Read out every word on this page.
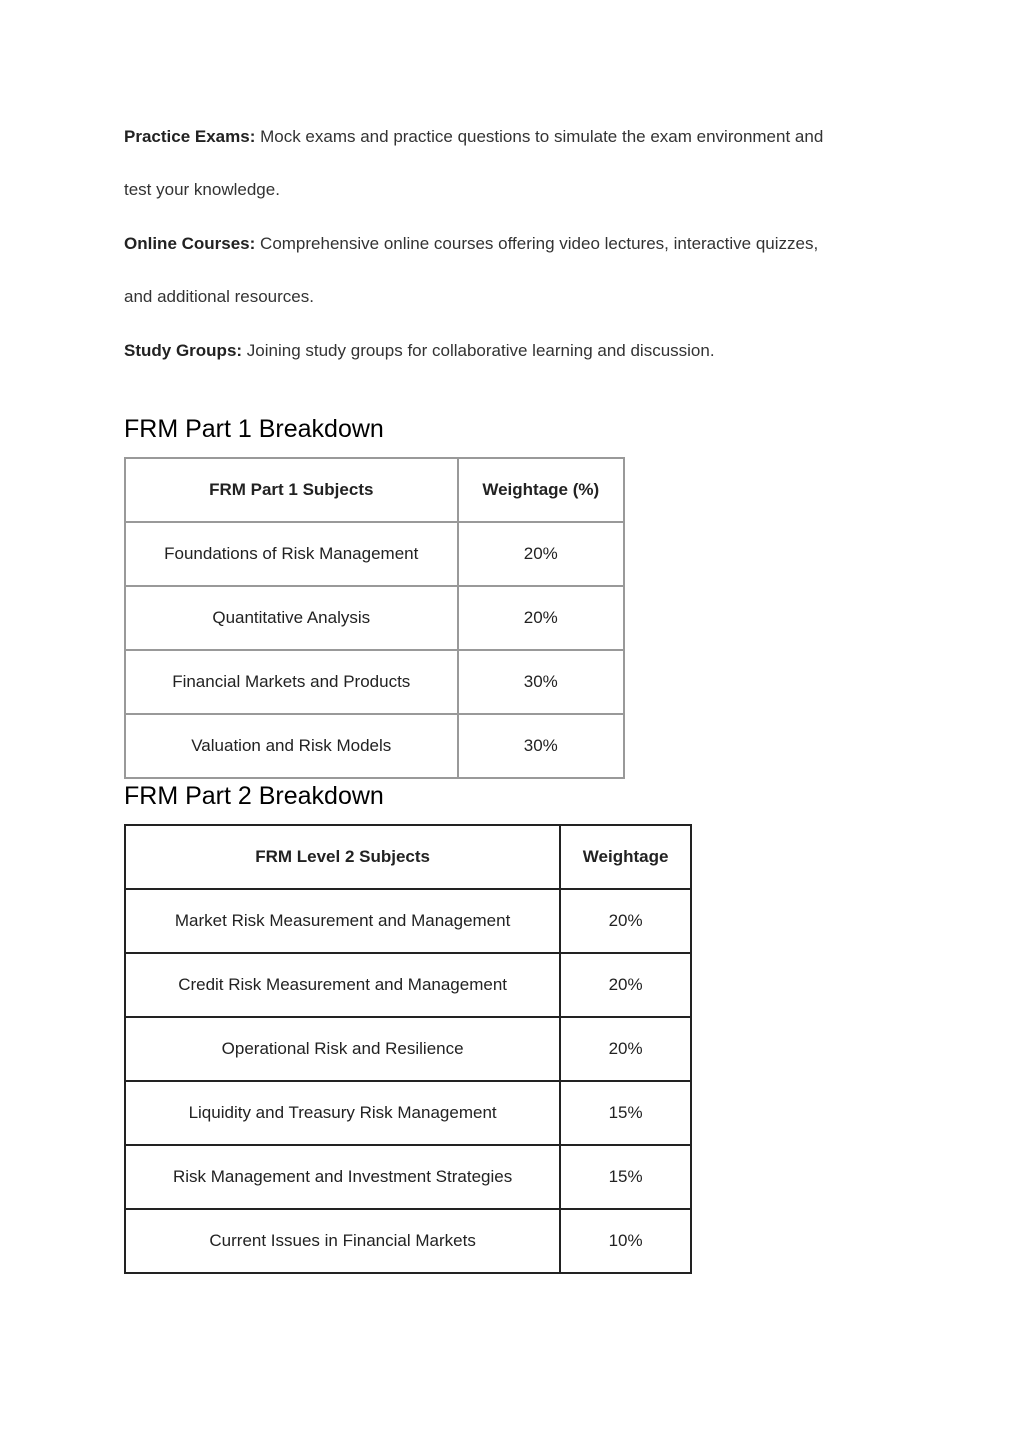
Practice Exams: Mock exams and practice questions to simulate the exam environment and
test your knowledge.
Online Courses: Comprehensive online courses offering video lectures, interactive quizzes,
and additional resources.
Study Groups: Joining study groups for collaborative learning and discussion.
FRM Part 1 Breakdown
FRM Part 1 Subjects	Weightage (%)
Foundations of Risk Management	20%
Quantitative Analysis	20%
Financial Markets and Products	30%
Valuation and Risk Models	30%
FRM Part 2 Breakdown
FRM Level 2 Subjects	Weightage
Market Risk Measurement and Management	20%
Credit Risk Measurement and Management	20%
Operational Risk and Resilience	20%
Liquidity and Treasury Risk Management	15%
Risk Management and Investment Strategies	15%
Current Issues in Financial Markets	10%
